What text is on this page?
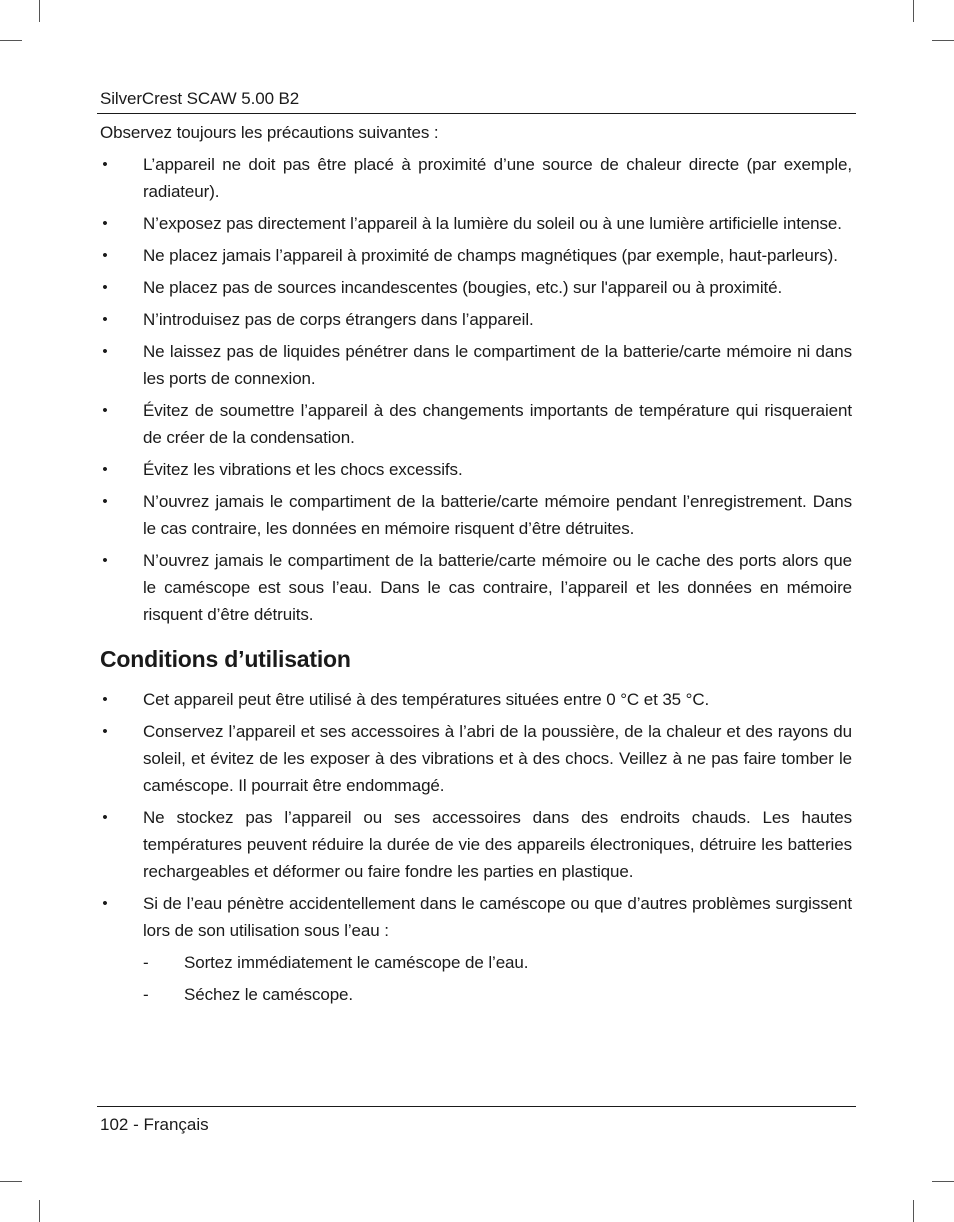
SilverCrest SCAW 5.00 B2

Observez toujours les précautions suivantes :

• L’appareil ne doit pas être placé à proximité d’une source de chaleur directe (par exemple, radiateur).
• N’exposez pas directement l’appareil à la lumière du soleil ou à une lumière artificielle intense.
• Ne placez jamais l’appareil à proximité de champs magnétiques (par exemple, haut-parleurs).
• Ne placez pas de sources incandescentes (bougies, etc.) sur l'appareil ou à proximité.
• N’introduisez pas de corps étrangers dans l’appareil.
• Ne laissez pas de liquides pénétrer dans le compartiment de la batterie/carte mémoire ni dans les ports de connexion.
• Évitez de soumettre l’appareil à des changements importants de température qui risqueraient de créer de la condensation.
• Évitez les vibrations et les chocs excessifs.
• N’ouvrez jamais le compartiment de la batterie/carte mémoire pendant l’enregistrement. Dans le cas contraire, les données en mémoire risquent d’être détruites.
• N’ouvrez jamais le compartiment de la batterie/carte mémoire ou le cache des ports alors que le caméscope est sous l’eau. Dans le cas contraire, l’appareil et les données en mémoire risquent d’être détruits.
Conditions d’utilisation
• Cet appareil peut être utilisé à des températures situées entre 0 °C et 35 °C.
• Conservez l’appareil et ses accessoires à l’abri de la poussière, de la chaleur et des rayons du soleil, et évitez de les exposer à des vibrations et à des chocs. Veillez à ne pas faire tomber le caméscope. Il pourrait être endommagé.
• Ne stockez pas l’appareil ou ses accessoires dans des endroits chauds. Les hautes températures peuvent réduire la durée de vie des appareils électroniques, détruire les batteries rechargeables et déformer ou faire fondre les parties en plastique.
• Si de l’eau pénètre accidentellement dans le caméscope ou que d’autres problèmes surgissent lors de son utilisation sous l’eau :
- Sortez immédiatement le caméscope de l’eau.
- Séchez le caméscope.
102 - Français
